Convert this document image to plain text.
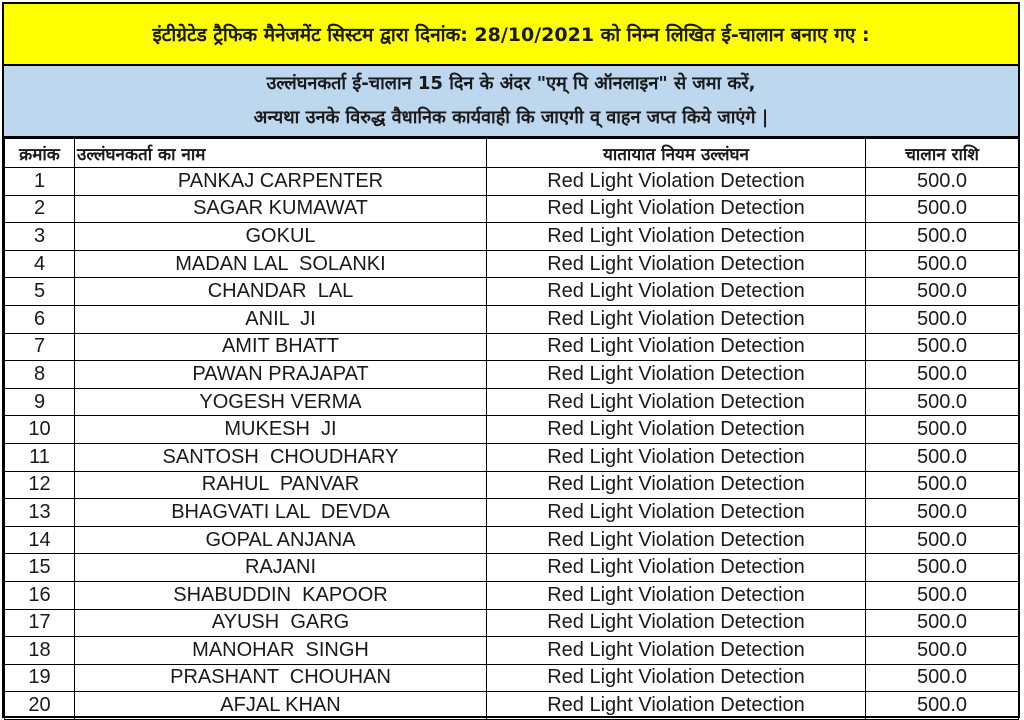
इंटीग्रेटेड ट्रैफिक मैनेजमेंट सिस्टम द्वारा दिनांक: 28/10/2021 को निम्न लिखित ई-चालान बनाए गए :
उल्लंघनकर्ता ई-चालान 15 दिन के अंदर "एम् पि ऑनलाइन" से जमा करें,
अन्यथा उनके विरुद्ध वैधानिक कार्यवाही कि जाएगी व् वाहन जप्त किये जाएंगे |
क्रमांक	उल्लंघनकर्ता का नाम	यातायात नियम उल्लंघन	चालान राशि
1	PANKAJ CARPENTER	Red Light Violation Detection	500.0
2	SAGAR KUMAWAT	Red Light Violation Detection	500.0
3	GOKUL	Red Light Violation Detection	500.0
4	MADAN LAL  SOLANKI	Red Light Violation Detection	500.0
5	CHANDAR  LAL	Red Light Violation Detection	500.0
6	ANIL  JI	Red Light Violation Detection	500.0
7	AMIT BHATT	Red Light Violation Detection	500.0
8	PAWAN PRAJAPAT	Red Light Violation Detection	500.0
9	YOGESH VERMA	Red Light Violation Detection	500.0
10	MUKESH  JI	Red Light Violation Detection	500.0
11	SANTOSH  CHOUDHARY	Red Light Violation Detection	500.0
12	RAHUL  PANVAR	Red Light Violation Detection	500.0
13	BHAGVATI LAL  DEVDA	Red Light Violation Detection	500.0
14	GOPAL ANJANA	Red Light Violation Detection	500.0
15	RAJANI	Red Light Violation Detection	500.0
16	SHABUDDIN  KAPOOR	Red Light Violation Detection	500.0
17	AYUSH  GARG	Red Light Violation Detection	500.0
18	MANOHAR  SINGH	Red Light Violation Detection	500.0
19	PRASHANT  CHOUHAN	Red Light Violation Detection	500.0
20	AFJAL KHAN	Red Light Violation Detection	500.0
